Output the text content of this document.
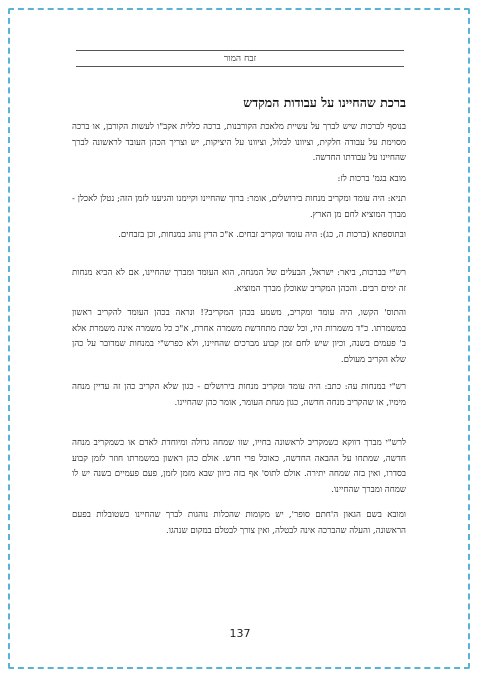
זבח המור
ברכת שהחיינו על עבודות המקדש
בנוסף לברכות שיש לברך על עשיית מלאכת הקורבנות, ברכה כללית אקב"ו לעשות הקורבן, או ברכה מסוימת על עבודה חלקית, וציוונו לבלול, וציוונו על היציקות, יש וצריך הכהן העובד לראשונה לברך שהחיינו על עבודתו החדשה.
מובא בגמ' ברכות לז:
תניא: היה עומד ומקריב מנחות בירושלים, אומר: ברוך שהחיינו וקיימנו והגיענו לזמן הזה; נטלן לאכלן - מברך המוציא לחם מן הארץ.
ובתוספתא (ברכות ה, כג): היה עומד ומקריב זבחים. א"כ הדין נוהג במנחות, וכן בזבחים.
רש"י בברכות, ביאר: ישראל, הבעלים של המנחה, הוא העומד ומברך שהחיינו, אם לא הביא מנחות זה ימים רבים. והכהן המקריב שאוכלן מברך המוציא.
והתוס' הקשו, היה עומד ומקריב, משמע בכהן המקריב?! ונראה בכהן העומד להקריב ראשון במשמרתו. כ"ד משמרות היו, וכל שבת מתחדשת משמרה אחרת, א"כ כל משמרה אינה משמרת אלא ב' פעמים בשנה, וכיון שיש לחם זמן קבוע מברכים שהחיינו, ולא כפרש"י במנחות שמדובר על כהן שלא הקריב מעולם.
רש"י במנחות עה: כתב: היה עומד ומקריב מנחות בירושלים - כגון שלא הקריב כהן זה עדיין מנחה מימיו, או שהקריב מנחה חדשה, כגון מנחת העומר, אומר כהן שהחיינו.
לרש"י מברך דווקא כשמקריב לראשונה בחייו, שזו שמחה גדולה ומיוחדת לאדם או כשמקריב מנחה חדשה, שמתחו על ההבאה החדשה, כאוכל פרי חדש. אולם כהן ראשון במשמרתו חוזר לזמן קבוע בסדרו, ואין בזה שמחה יתירה. אולם לתוס' אף בזה כיוון שבא מזמן לזמן, פעם פעמיים בשנה יש לו שמחה ומברך שהחיינו.
ומובא בשם הגאון ה'חתם סופר', יש מקומות שהכלות נוהגות לברך שהחיינו כשטובלות בפעם הראשונה, והעלה שהברכה אינה לבטלה, ואין צורך לבטלם במקום שנהגו.
137
